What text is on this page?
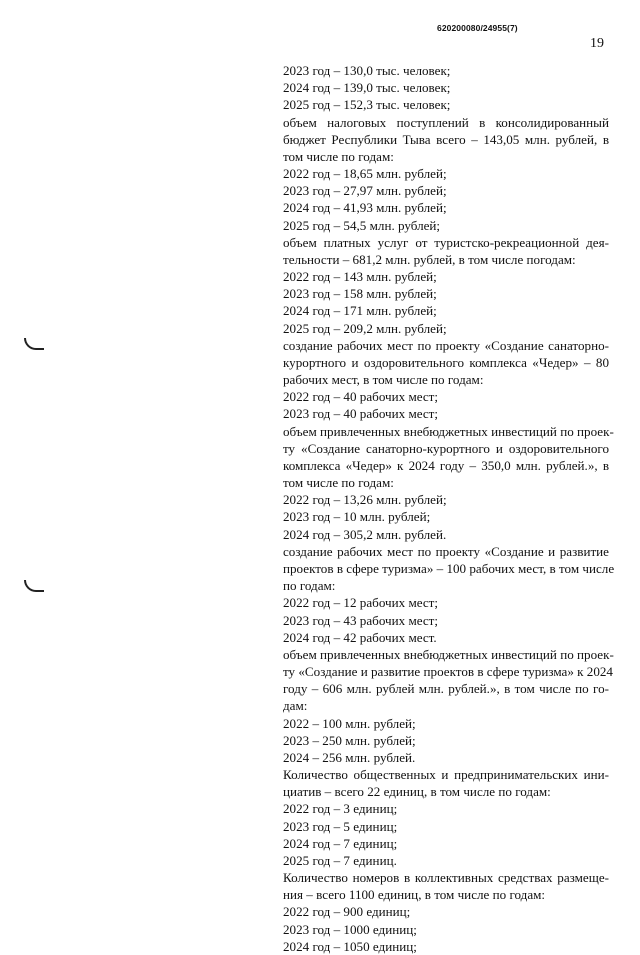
620200080/24955(7)
19
2023 год – 130,0 тыс. человек;
2024 год – 139,0 тыс. человек;
2025 год – 152,3 тыс. человек;
объем налоговых поступлений в консолидированный
бюджет Республики Тыва всего – 143,05 млн. рублей, в
том числе по годам:
2022 год – 18,65 млн. рублей;
2023 год – 27,97 млн. рублей;
2024 год – 41,93 млн. рублей;
2025 год – 54,5 млн. рублей;
объем платных услуг от туристско-рекреационной дея-
тельности – 681,2 млн. рублей, в том числе погодам:
2022 год – 143 млн. рублей;
2023 год – 158 млн. рублей;
2024 год – 171 млн. рублей;
2025 год – 209,2 млн. рублей;
создание рабочих мест по проекту «Создание санаторно-
курортного и оздоровительного комплекса «Чедер» – 80
рабочих мест, в том числе по годам:
2022 год – 40 рабочих мест;
2023 год – 40 рабочих мест;
объем привлеченных внебюджетных инвестиций по проек-
ту «Создание санаторно-курортного и оздоровительного
комплекса «Чедер» к 2024 году – 350,0 млн. рублей.», в
том числе по годам:
2022 год – 13,26 млн. рублей;
2023 год – 10 млн. рублей;
2024 год – 305,2 млн. рублей.
создание рабочих мест по проекту «Создание и развитие
проектов в сфере туризма» – 100 рабочих мест, в том числе
по годам:
2022 год – 12 рабочих мест;
2023 год – 43 рабочих мест;
2024 год – 42 рабочих мест.
объем привлеченных внебюджетных инвестиций по проек-
ту «Создание и развитие проектов в сфере туризма» к 2024
году – 606 млн. рублей млн. рублей.», в том числе по го-
дам:
2022 – 100 млн. рублей;
2023 – 250 млн. рублей;
2024 – 256 млн. рублей.
Количество общественных и предпринимательских ини-
циатив – всего 22 единиц, в том числе по годам:
2022 год – 3 единиц;
2023 год – 5 единиц;
2024 год – 7 единиц;
2025 год – 7 единиц.
Количество номеров в коллективных средствах размеще-
ния – всего 1100 единиц, в том числе по годам:
2022 год – 900 единиц;
2023 год – 1000 единиц;
2024 год – 1050 единиц;
